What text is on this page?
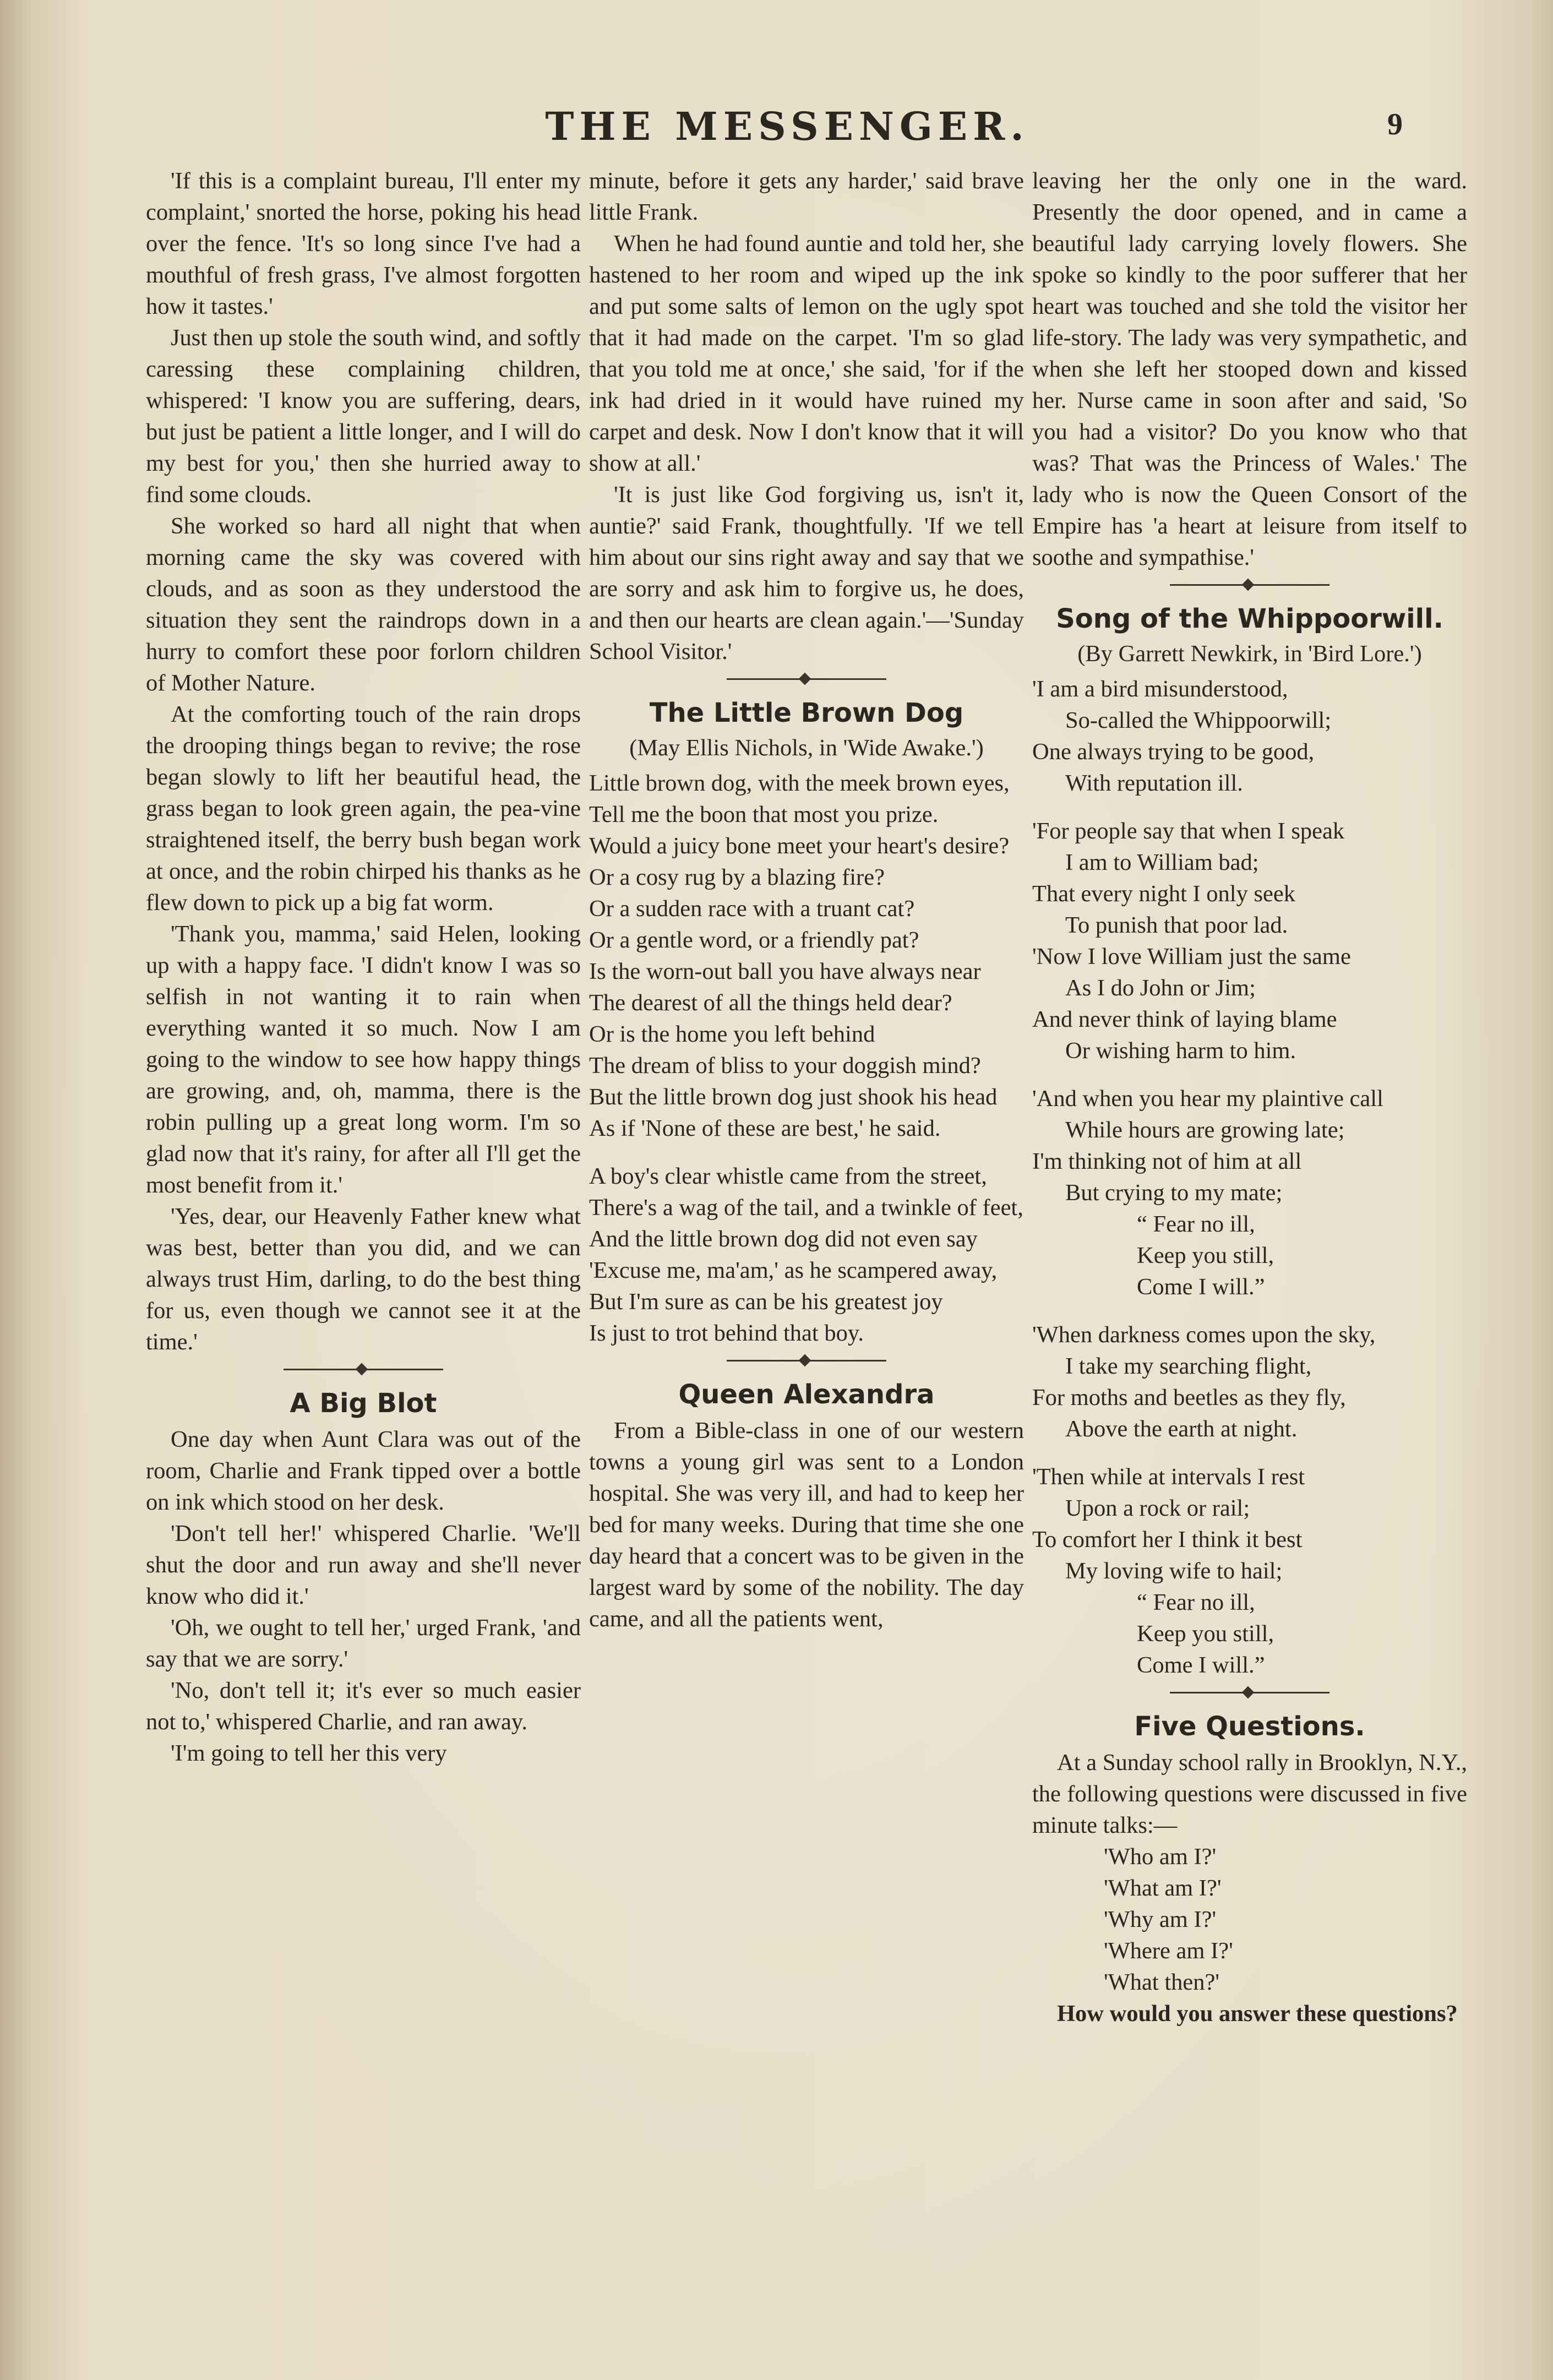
THE MESSENGER.	9

'If this is a complaint bureau, I'll enter my complaint,' snorted the horse, poking his head over the fence. 'It's so long since I've had a mouthful of fresh grass, I've almost forgotten how it tastes.'

Just then up stole the south wind, and softly caressing these complaining children, whispered: 'I know you are suffering, dears, but just be patient a little longer, and I will do my best for you,' then she hurried away to find some clouds.

She worked so hard all night that when morning came the sky was covered with clouds, and as soon as they understood the situation they sent the raindrops down in a hurry to comfort these poor forlorn children of Mother Nature.

At the comforting touch of the rain drops the drooping things began to revive; the rose began slowly to lift her beautiful head, the grass began to look green again, the pea-vine straightened itself, the berry bush began work at once, and the robin chirped his thanks as he flew down to pick up a big fat worm.

'Thank you, mamma,' said Helen, looking up with a happy face. 'I didn't know I was so selfish in not wanting it to rain when everything wanted it so much. Now I am going to the window to see how happy things are growing, and, oh, mamma, there is the robin pulling up a great long worm. I'm so glad now that it's rainy, for after all I'll get the most benefit from it.'

'Yes, dear, our Heavenly Father knew what was best, better than you did, and we can always trust Him, darling, to do the best thing for us, even though we cannot see it at the time.'

A Big Blot

One day when Aunt Clara was out of the room, Charlie and Frank tipped over a bottle on ink which stood on her desk.

'Don't tell her!' whispered Charlie. 'We'll shut the door and run away and she'll never know who did it.'

'Oh, we ought to tell her,' urged Frank, 'and say that we are sorry.'

'No, don't tell it; it's ever so much easier not to,' whispered Charlie, and ran away.

'I'm going to tell her this very

minute, before it gets any harder,' said brave little Frank.

When he had found auntie and told her, she hastened to her room and wiped up the ink and put some salts of lemon on the ugly spot that it had made on the carpet. 'I'm so glad that you told me at once,' she said, 'for if the ink had dried in it would have ruined my carpet and desk. Now I don't know that it will show at all.'

'It is just like God forgiving us, isn't it, auntie?' said Frank, thoughtfully. 'If we tell him about our sins right away and say that we are sorry and ask him to forgive us, he does, and then our hearts are clean again.'—'Sunday School Visitor.'

The Little Brown Dog
(May Ellis Nichols, in 'Wide Awake.')
Little brown dog, with the meek brown eyes,
Tell me the boon that most you prize.
Would a juicy bone meet your heart's desire?
Or a cosy rug by a blazing fire?
Or a sudden race with a truant cat?
Or a gentle word, or a friendly pat?
Is the worn-out ball you have always near
The dearest of all the things held dear?
Or is the home you left behind
The dream of bliss to your doggish mind?
But the little brown dog just shook his head
As if 'None of these are best,' he said.
A boy's clear whistle came from the street,
There's a wag of the tail, and a twinkle of feet,
And the little brown dog did not even say
'Excuse me, ma'am,' as he scampered away,
But I'm sure as can be his greatest joy
Is just to trot behind that boy.
Queen Alexandra

From a Bible-class in one of our western towns a young girl was sent to a London hospital. She was very ill, and had to keep her bed for many weeks. During that time she one day heard that a concert was to be given in the largest ward by some of the nobility. The day came, and all the patients went,

leaving her the only one in the ward. Presently the door opened, and in came a beautiful lady carrying lovely flowers. She spoke so kindly to the poor sufferer that her heart was touched and she told the visitor her life-story. The lady was very sympathetic, and when she left her stooped down and kissed her. Nurse came in soon after and said, 'So you had a visitor? Do you know who that was? That was the Princess of Wales.' The lady who is now the Queen Consort of the Empire has 'a heart at leisure from itself to soothe and sympathise.'

Song of the Whippoorwill.
(By Garrett Newkirk, in 'Bird Lore.')
'I am a bird misunderstood,
So-called the Whippoorwill;
One always trying to be good,
With reputation ill.
'For people say that when I speak
I am to William bad;
That every night I only seek
To punish that poor lad.
'Now I love William just the same
As I do John or Jim;
And never think of laying blame
Or wishing harm to him.
'And when you hear my plaintive call
While hours are growing late;
I'm thinking not of him at all
But crying to my mate;
“ Fear no ill,
Keep you still,
Come I will.”
'When darkness comes upon the sky,
I take my searching flight,
For moths and beetles as they fly,
Above the earth at night.
'Then while at intervals I rest
Upon a rock or rail;
To comfort her I think it best
My loving wife to hail;
“ Fear no ill,
Keep you still,
Come I will.”
Five Questions.

At a Sunday school rally in Brooklyn, N.Y., the following questions were discussed in five minute talks:—

'Who am I?'
'What am I?'
'Why am I?'
'Where am I?'
'What then?'

How would you answer these questions?
